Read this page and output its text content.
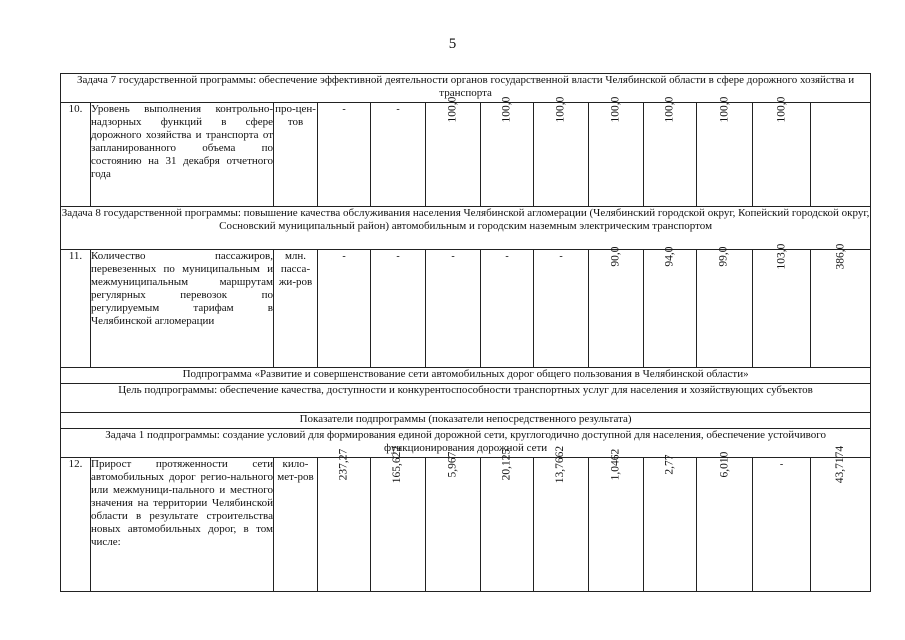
5
Задача 7 государственной программы: обеспечение эффективной деятельности органов государственной власти Челябинской области в сфере дорожного хозяйства и транспорта												
10.	Уровень выполнения контрольно-надзорных функций в сфере дорожного хозяйства и транспорта от запланированного объема по состоянию на 31 декабря отчетного года	про-цен-тов	-	-	100,0	100,0	100,0	100,0	100,0	100,0	100,0	
Задача 8 государственной программы: повышение качества обслуживания населения Челябинской агломерации (Челябинский городской округ, Копейский городской округ, Сосновский муниципальный район) автомобильным и городским наземным электрическим транспортом												
11.	Количество пассажиров, перевезенных по муниципальным и межмуниципальным маршрутам регулярных перевозок по регулируемым тарифам в Челябинской агломерации	млн. пасса-жи-ров	-	-	-	-	-	90,0	94,0	99,0	103,0	386,0
Подпрограмма «Развитие и совершенствование сети автомобильных дорог общего пользования в Челябинской области»												
Цель подпрограммы: обеспечение качества, доступности и конкурентоспособности транспортных услуг для населения и хозяйствующих субъектов												
Показатели подпрограммы (показатели непосредственного результата)												
Задача 1 подпрограммы: создание условий для формирования единой дорожной сети, круглогодично доступной для населения, обеспечение устойчивого функционирования дорожной сети												
12.	Прирост протяженности сети автомобильных дорог регио-нального или межмуници-пального и местного значения на территории Челябинской области в результате строительства новых автомобильных дорог, в том числе:	кило-мет-ров	237,27	165,622	5,967	20,125	13,7662	1,0462	2,77	6,010	-	43,7174
